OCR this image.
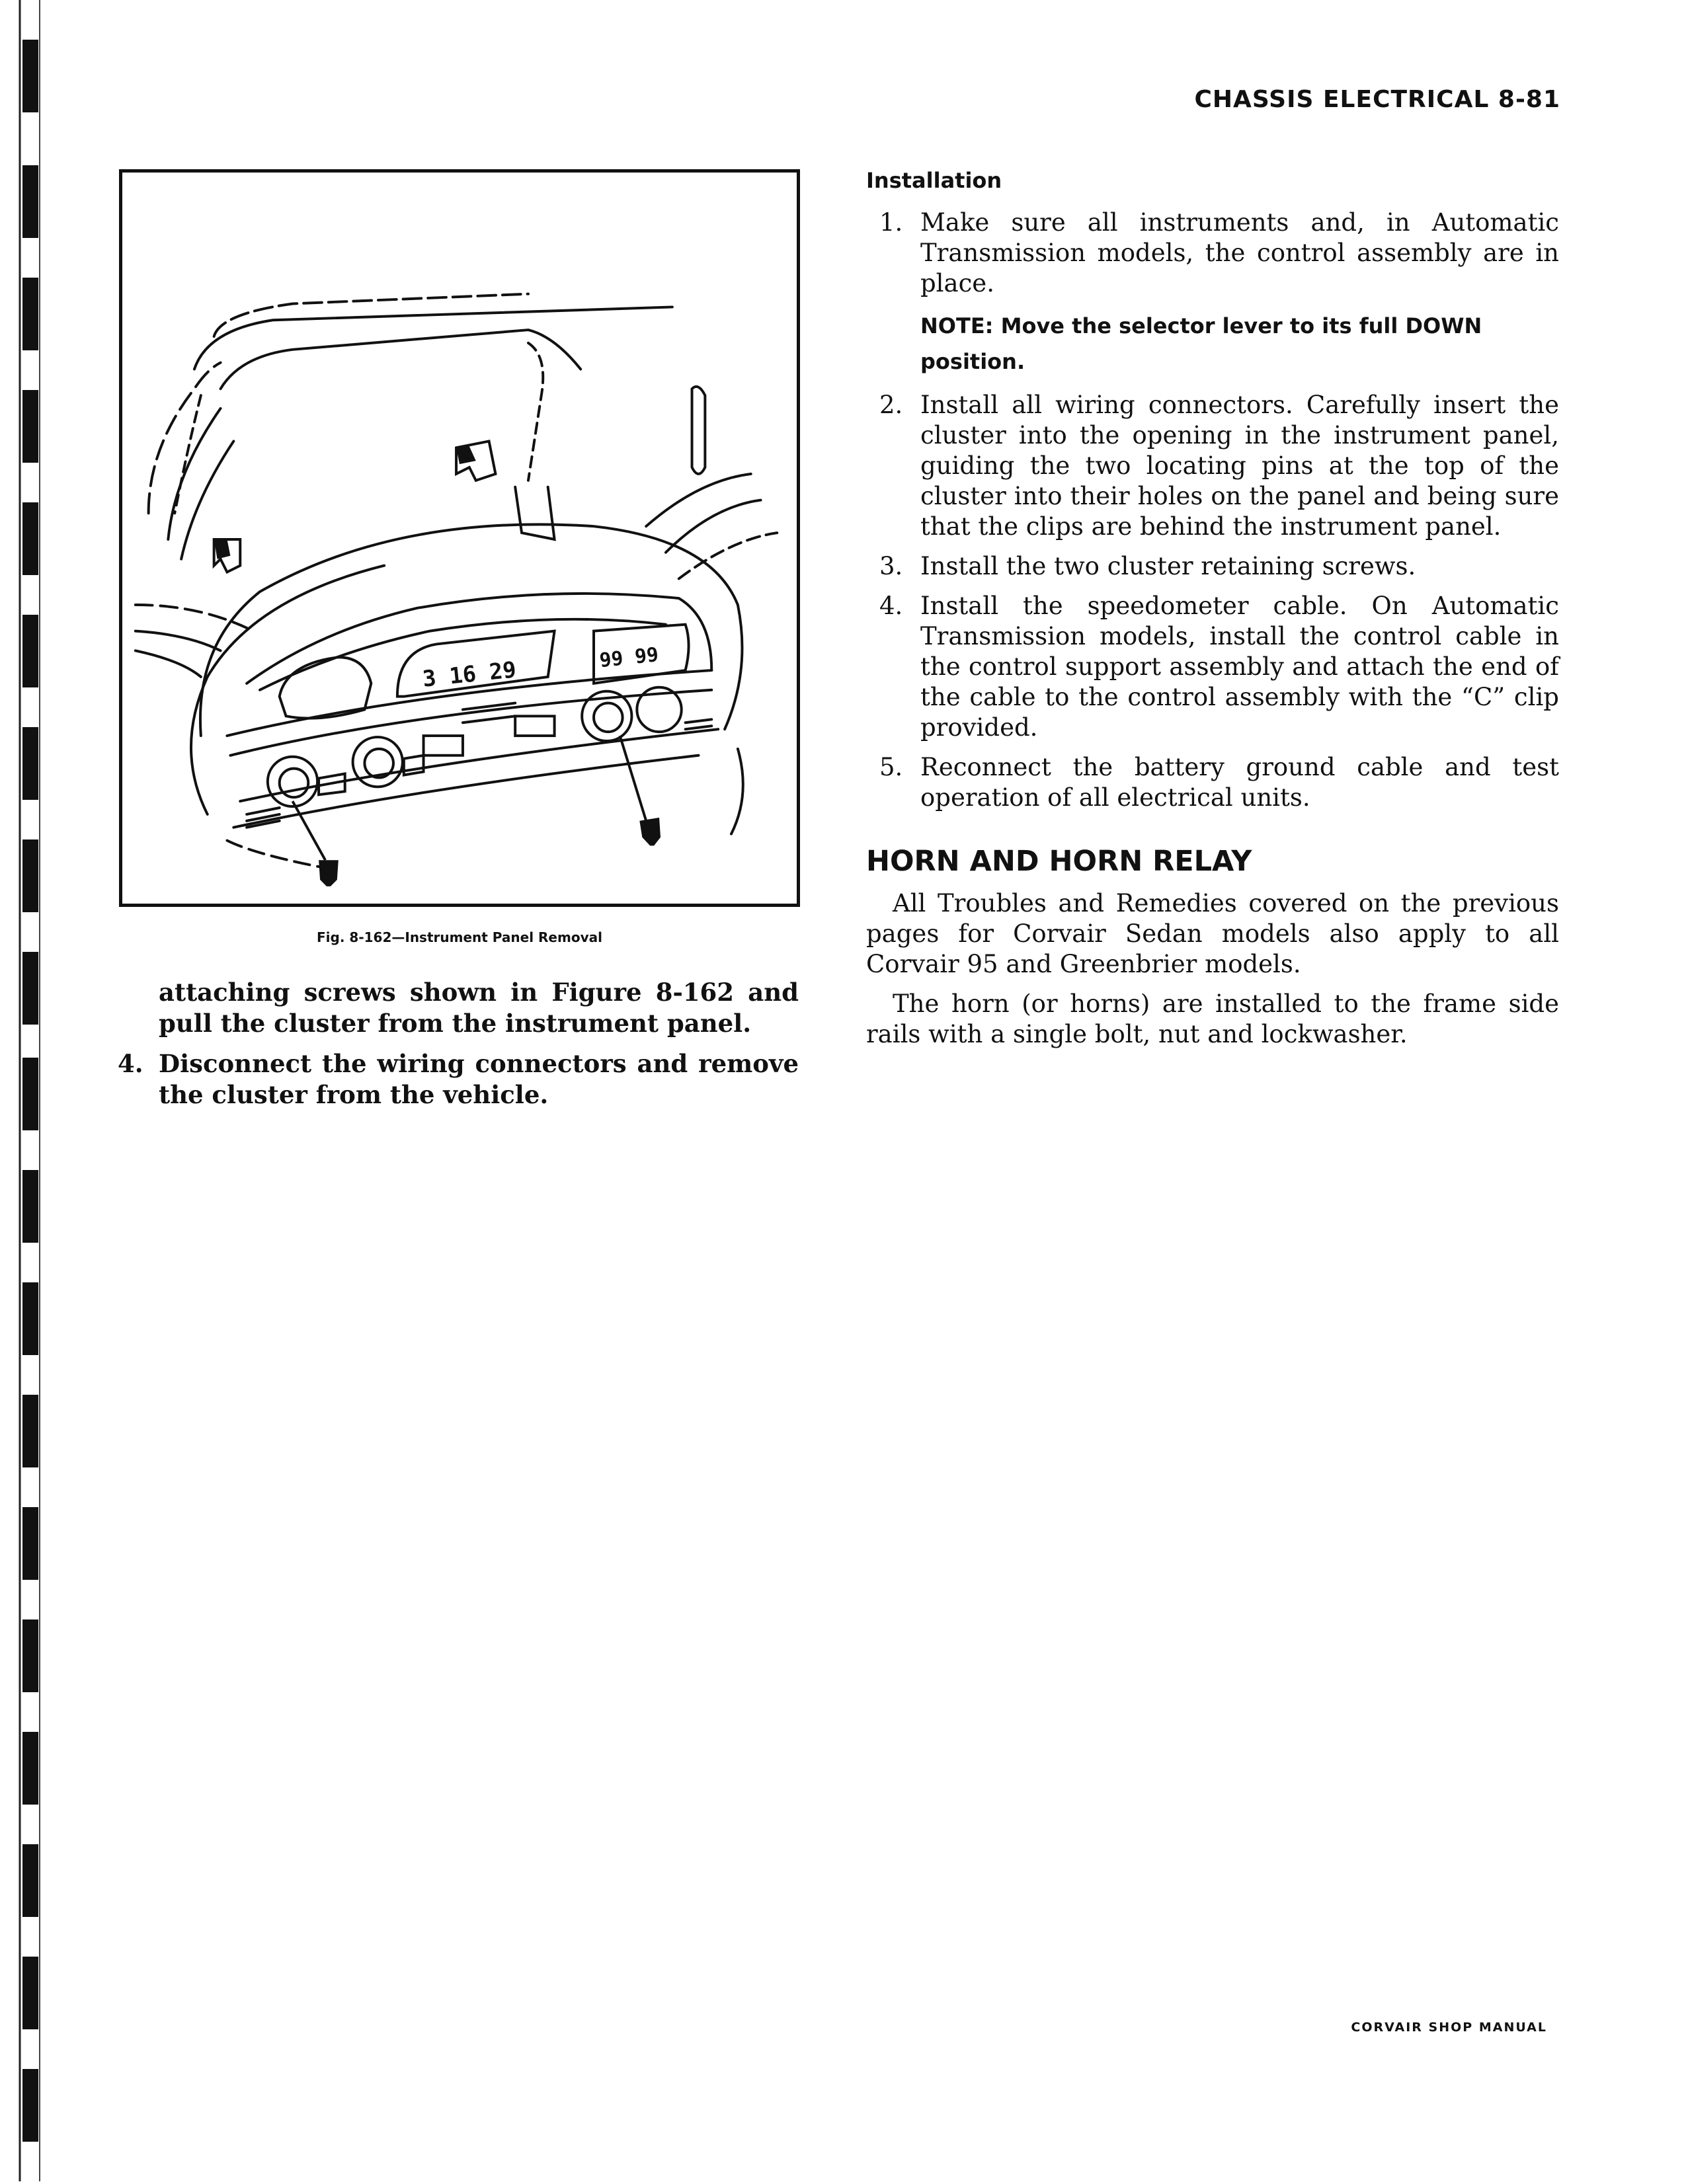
CHASSIS ELECTRICAL 8-81
3 16 29	99 99
Fig. 8-162—Instrument Panel Removal

attaching screws shown in Figure 8-162 and pull the cluster from the instrument panel.

4. Disconnect the wiring connectors and remove the cluster from the vehicle.
Installation
1. Make sure all instruments and, in Automatic Transmission models, the control assembly are in place.
NOTE: Move the selector lever to its full DOWN position.
2. Install all wiring connectors. Carefully insert the cluster into the opening in the instrument panel, guiding the two locating pins at the top of the cluster into their holes on the panel and being sure that the clips are behind the instrument panel.
3. Install the two cluster retaining screws.
4. Install the speedometer cable. On Automatic Transmission models, install the control cable in the control support assembly and attach the end of the cable to the control assembly with the “C” clip provided.
5. Reconnect the battery ground cable and test operation of all electrical units.
HORN AND HORN RELAY

All Troubles and Remedies covered on the previous pages for Corvair Sedan models also apply to all Corvair 95 and Greenbrier models.

The horn (or horns) are installed to the frame side rails with a single bolt, nut and lockwasher.

CORVAIR SHOP MANUAL
